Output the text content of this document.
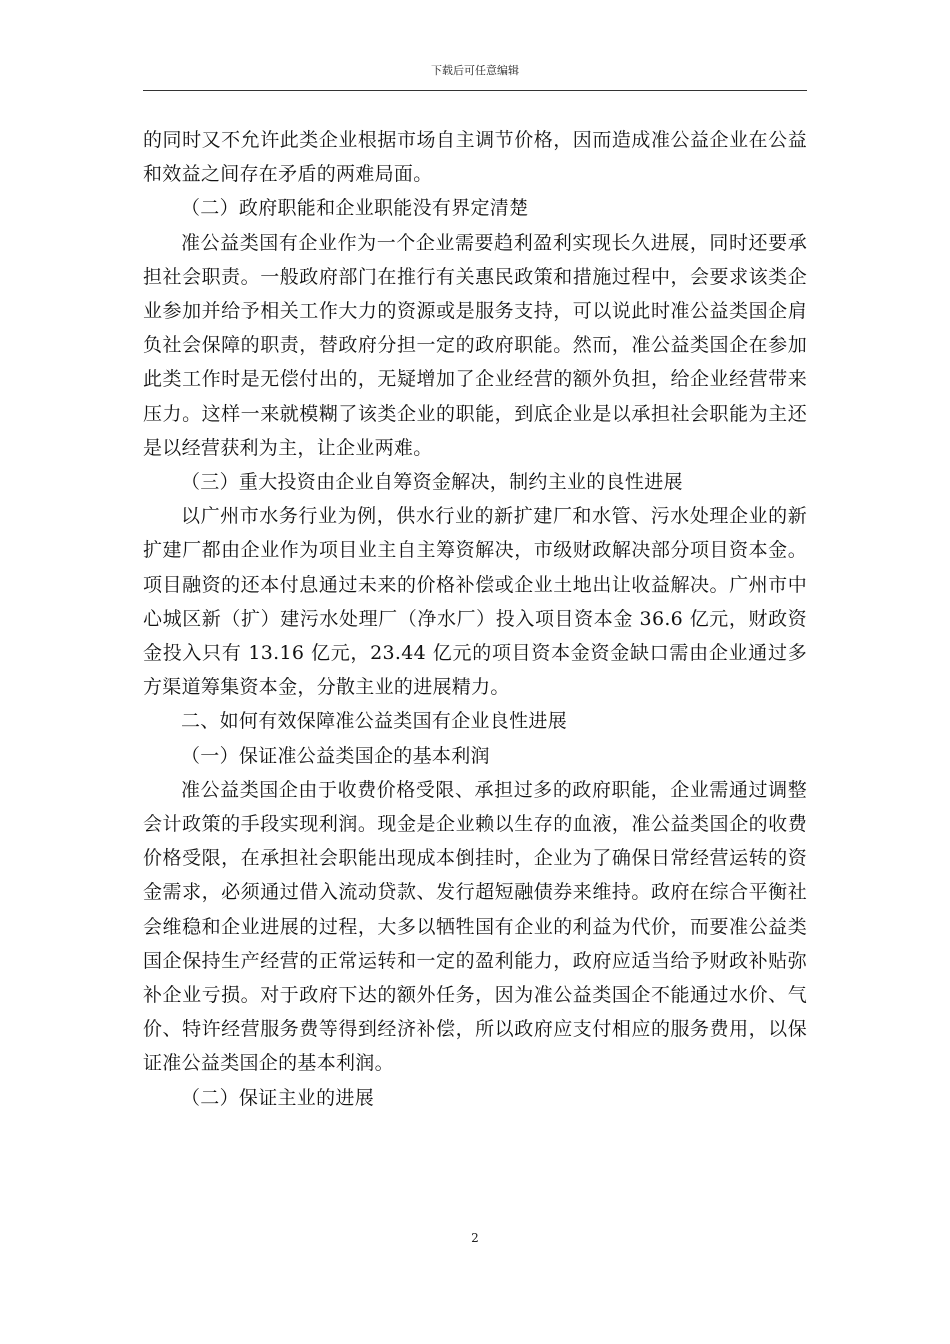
下载后可任意编辑

的同时又不允许此类企业根据市场自主调节价格，因而造成准公益企业在公益和效益之间存在矛盾的两难局面。

（二）政府职能和企业职能没有界定清楚

准公益类国有企业作为一个企业需要趋利盈利实现长久进展，同时还要承担社会职责。一般政府部门在推行有关惠民政策和措施过程中，会要求该类企业参加并给予相关工作大力的资源或是服务支持，可以说此时准公益类国企肩负社会保障的职责，替政府分担一定的政府职能。然而，准公益类国企在参加此类工作时是无偿付出的，无疑增加了企业经营的额外负担，给企业经营带来压力。这样一来就模糊了该类企业的职能，到底企业是以承担社会职能为主还是以经营获利为主，让企业两难。

（三）重大投资由企业自筹资金解决，制约主业的良性进展

以广州市水务行业为例，供水行业的新扩建厂和水管、污水处理企业的新扩建厂都由企业作为项目业主自主筹资解决，市级财政解决部分项目资本金。项目融资的还本付息通过未来的价格补偿或企业土地出让收益解决。广州市中心城区新（扩）建污水处理厂（净水厂）投入项目资本金 36.6 亿元，财政资金投入只有 13.16 亿元，23.44 亿元的项目资本金资金缺口需由企业通过多方渠道筹集资本金，分散主业的进展精力。

二、如何有效保障准公益类国有企业良性进展

（一）保证准公益类国企的基本利润

准公益类国企由于收费价格受限、承担过多的政府职能，企业需通过调整会计政策的手段实现利润。现金是企业赖以生存的血液，准公益类国企的收费价格受限，在承担社会职能出现成本倒挂时，企业为了确保日常经营运转的资金需求，必须通过借入流动贷款、发行超短融债券来维持。政府在综合平衡社会维稳和企业进展的过程，大多以牺牲国有企业的利益为代价，而要准公益类国企保持生产经营的正常运转和一定的盈利能力，政府应适当给予财政补贴弥补企业亏损。对于政府下达的额外任务，因为准公益类国企不能通过水价、气价、特许经营服务费等得到经济补偿，所以政府应支付相应的服务费用，以保证准公益类国企的基本利润。

（二）保证主业的进展

2
